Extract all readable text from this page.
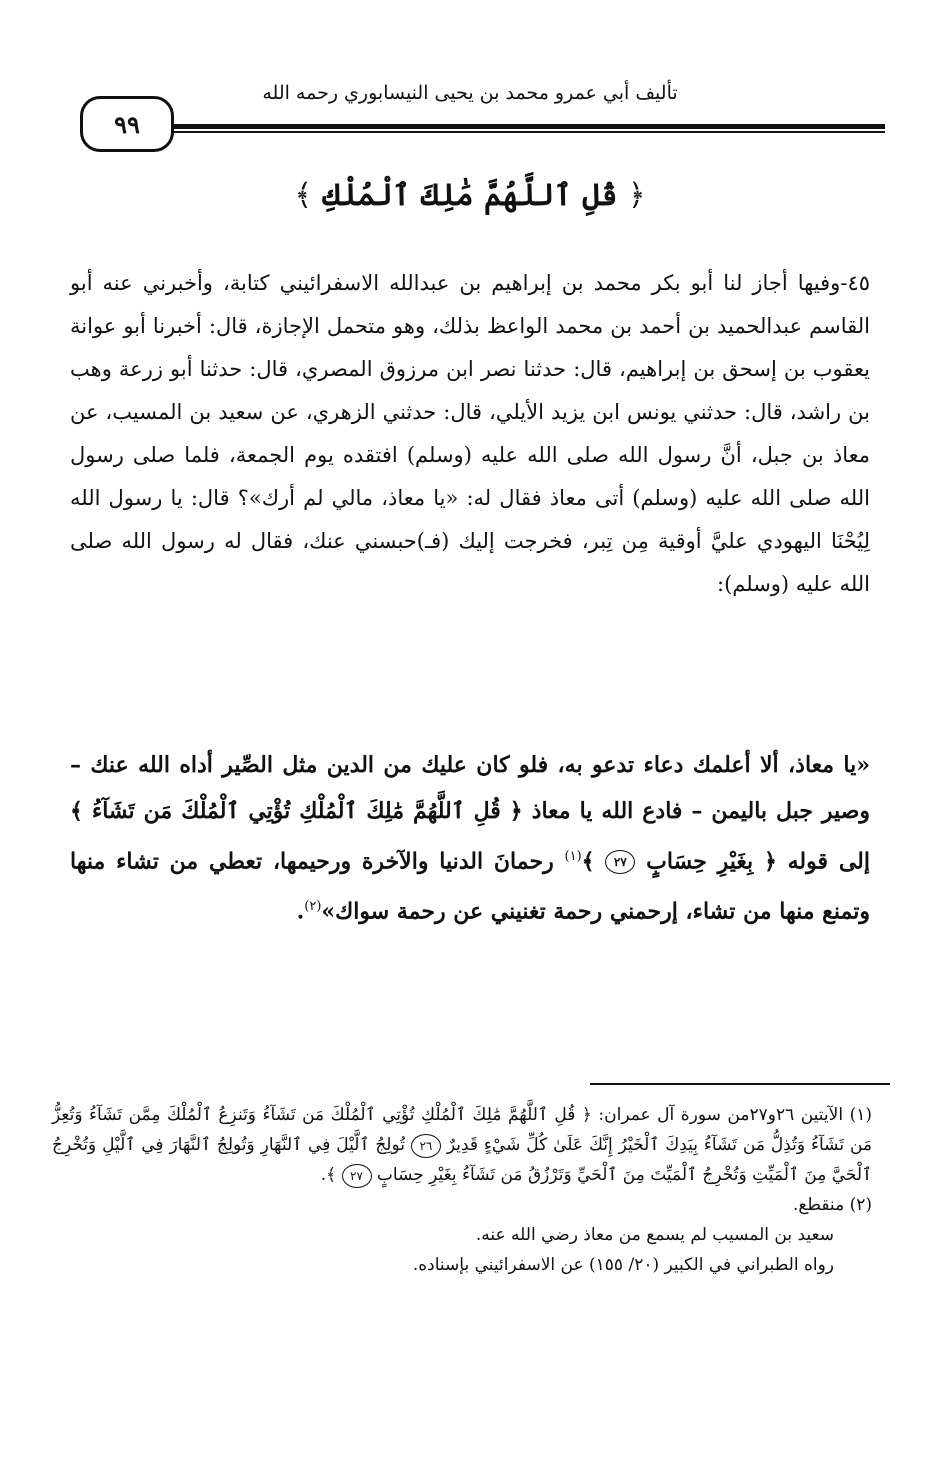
تأليف أبي عمرو محمد بن يحيى النيسابوري رحمه الله
٩٩
﴿ قُلِ ٱللَّهُمَّ مَٰلِكَ ٱلْمُلْكِ ﴾
٤٥-وفيها أجاز لنا أبو بكر محمد بن إبراهيم بن عبدالله الاسفرائيني كتابة، وأخبرني عنه أبو القاسم عبدالحميد بن أحمد بن محمد الواعظ بذلك، وهو متحمل الإجازة، قال: أخبرنا أبو عوانة يعقوب بن إسحق بن إبراهيم، قال: حدثنا نصر ابن مرزوق المصري، قال: حدثنا أبو زرعة وهب بن راشد، قال: حدثني يونس ابن يزيد الأيلي، قال: حدثني الزهري، عن سعيد بن المسيب، عن معاذ بن جبل، أنَّ رسول الله صلى الله عليه (وسلم) افتقده يوم الجمعة، فلما صلى رسول الله صلى الله عليه (وسلم) أتى معاذ فقال له: «يا معاذ، مالي لم أرك»؟ قال: يا رسول الله لِيُحْنَا اليهودي عليَّ أوقية مِن تِبر، فخرجت إليك (فـ)حبسني عنك، فقال له رسول الله صلى الله عليه (وسلم):
«يا معاذ، ألا أعلمك دعاء تدعو به، فلو كان عليك من الدين مثل الصِّير أداه الله عنك – وصير جبل باليمن – فادع الله يا معاذ ﴿ قُلِ ٱللَّهُمَّ مَٰلِكَ ٱلْمُلْكِ تُؤْتِي ٱلْمُلْكَ مَن تَشَآءُ ﴾ إلى قوله ﴿ بِغَيْرِ حِسَابٍ ٢٧ ﴾$^{(١)}$ رحمانَ الدنيا والآخرة ورحيمها، تعطي من تشاء منها وتمنع منها من تشاء، إرحمني رحمة تغنيني عن رحمة سواك»$^{(٢)}$.
(١) الآيتين ٢٦و٢٧من سورة آل عمران: ﴿ قُلِ ٱللَّهُمَّ مَٰلِكَ ٱلْمُلْكِ تُؤْتِي ٱلْمُلْكَ مَن تَشَآءُ وَتَنزِعُ ٱلْمُلْكَ مِمَّن تَشَآءُ وَتُعِزُّ مَن تَشَآءُ وَتُذِلُّ مَن تَشَآءُ بِيَدِكَ ٱلْخَيْرُ إِنَّكَ عَلَىٰ كُلِّ شَيْءٍ قَدِيرٌ ٢٦ تُولِجُ ٱلَّيْلَ فِي ٱلنَّهَارِ وَتُولِجُ ٱلنَّهَارَ فِي ٱلَّيْلِ وَتُخْرِجُ ٱلْحَيَّ مِنَ ٱلْمَيِّتِ وَتُخْرِجُ ٱلْمَيِّتَ مِنَ ٱلْحَيِّ وَتَرْزُقُ مَن تَشَآءُ بِغَيْرِ حِسَابٍ ٢٧ ﴾.
(٢) منقطع.
سعيد بن المسيب لم يسمع من معاذ رضي الله عنه.
رواه الطبراني في الكبير (٢٠/ ١٥٥) عن الاسفرائيني بإسناده.
